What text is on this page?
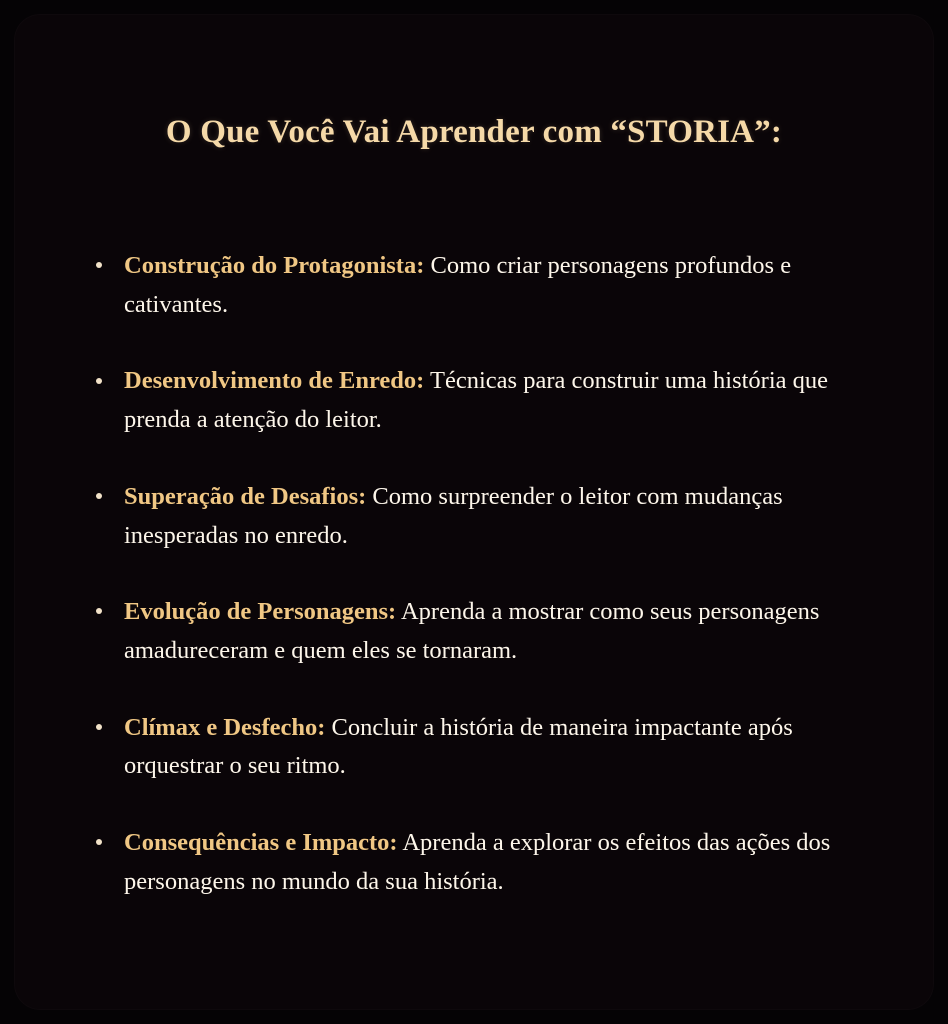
O Que Você Vai Aprender com “STORIA”:
Construção do Protagonista: Como criar personagens profundos e cativantes.
Desenvolvimento de Enredo: Técnicas para construir uma história que prenda a atenção do leitor.
Superação de Desafios: Como surpreender o leitor com mudanças inesperadas no enredo.
Evolução de Personagens: Aprenda a mostrar como seus personagens amadureceram e quem eles se tornaram.
Clímax e Desfecho: Concluir a história de maneira impactante após orquestrar o seu ritmo.
Consequências e Impacto: Aprenda a explorar os efeitos das ações dos personagens no mundo da sua história.
